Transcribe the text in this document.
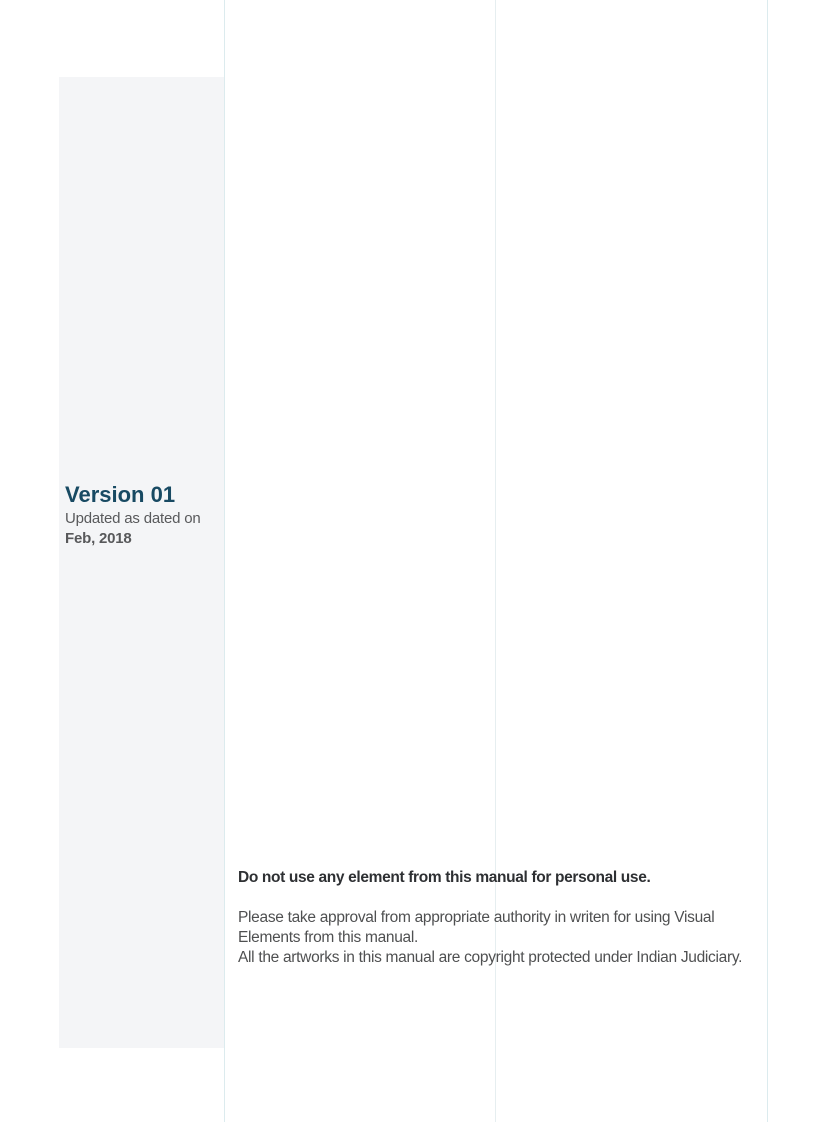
Version 01
Updated as dated on
Feb, 2018
Do not use any element from this manual for personal use.
Please take approval from appropriate authority in writen for using Visual Elements from this manual.
All the artworks in this manual are copyright protected under Indian Judiciary.
